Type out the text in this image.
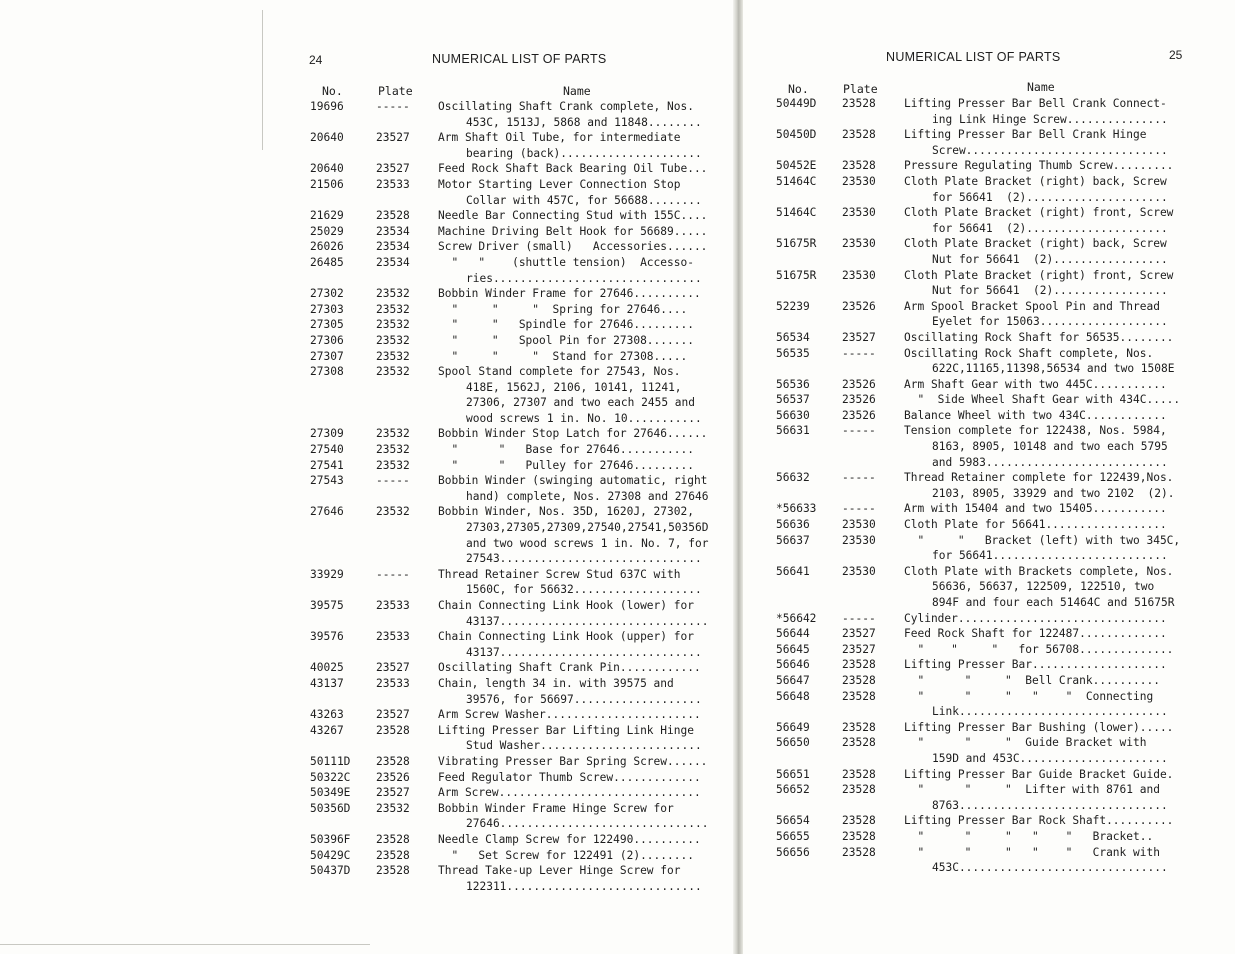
24	NUMERICAL LIST OF PARTS
No.	Plate	Name
19696	-----	Oscillating Shaft Crank complete, Nos.
453C, 1513J, 5868 and 11848........
20640	23527	Arm Shaft Oil Tube, for intermediate
bearing (back).....................
20640	23527	Feed Rock Shaft Back Bearing Oil Tube...
21506	23533	Motor Starting Lever Connection Stop
Collar with 457C, for 56688........
21629	23528	Needle Bar Connecting Stud with 155C....
25029	23534	Machine Driving Belt Hook for 56689.....
26026	23534	Screw Driver (small)   Accessories......
26485	23534	"   "    (shuttle tension)  Accesso-
ries...............................
27302	23532	Bobbin Winder Frame for 27646..........
27303	23532	"     "     "  Spring for 27646....
27305	23532	"     "   Spindle for 27646.........
27306	23532	"     "   Spool Pin for 27308.......
27307	23532	"     "     "  Stand for 27308.....
27308	23532	Spool Stand complete for 27543, Nos.
418E, 1562J, 2106, 10141, 11241,
27306, 27307 and two each 2455 and
wood screws 1 in. No. 10...........
27309	23532	Bobbin Winder Stop Latch for 27646......
27540	23532	"      "   Base for 27646...........
27541	23532	"      "   Pulley for 27646.........
27543	-----	Bobbin Winder (swinging automatic, right
hand) complete, Nos. 27308 and 27646
27646	23532	Bobbin Winder, Nos. 35D, 1620J, 27302,
27303,27305,27309,27540,27541,50356D
and two wood screws 1 in. No. 7, for
27543..............................
33929	-----	Thread Retainer Screw Stud 637C with
1560C, for 56632...................
39575	23533	Chain Connecting Link Hook (lower) for
43137...............................
39576	23533	Chain Connecting Link Hook (upper) for
43137..............................
40025	23527	Oscillating Shaft Crank Pin............
43137	23533	Chain, length 34 in. with 39575 and
39576, for 56697...................
43263	23527	Arm Screw Washer.......................
43267	23528	Lifting Presser Bar Lifting Link Hinge
Stud Washer........................
50111D	23528	Vibrating Presser Bar Spring Screw......
50322C	23526	Feed Regulator Thumb Screw.............
50349E	23527	Arm Screw..............................
50356D	23532	Bobbin Winder Frame Hinge Screw for
27646...............................
50396F	23528	Needle Clamp Screw for 122490..........
50429C	23528	"   Set Screw for 122491 (2)........
50437D	23528	Thread Take-up Lever Hinge Screw for
122311.............................
NUMERICAL LIST OF PARTS	25
No.	Plate	Name
50449D	23528	Lifting Presser Bar Bell Crank Connect-
ing Link Hinge Screw...............
50450D	23528	Lifting Presser Bar Bell Crank Hinge
Screw..............................
50452E	23528	Pressure Regulating Thumb Screw.........
51464C	23530	Cloth Plate Bracket (right) back, Screw
for 56641  (2).....................
51464C	23530	Cloth Plate Bracket (right) front, Screw
for 56641  (2).....................
51675R	23530	Cloth Plate Bracket (right) back, Screw
Nut for 56641  (2).................
51675R	23530	Cloth Plate Bracket (right) front, Screw
Nut for 56641  (2).................
52239	23526	Arm Spool Bracket Spool Pin and Thread
Eyelet for 15063...................
56534	23527	Oscillating Rock Shaft for 56535........
56535	-----	Oscillating Rock Shaft complete, Nos.
622C,11165,11398,56534 and two 1508E
56536	23526	Arm Shaft Gear with two 445C...........
56537	23526	"  Side Wheel Shaft Gear with 434C.....
56630	23526	Balance Wheel with two 434C............
56631	-----	Tension complete for 122438, Nos. 5984,
8163, 8905, 10148 and two each 5795
and 5983...........................
56632	-----	Thread Retainer complete for 122439,Nos.
2103, 8905, 33929 and two 2102  (2).
*56633	-----	Arm with 15404 and two 15405...........
56636	23530	Cloth Plate for 56641..................
56637	23530	"     "   Bracket (left) with two 345C,
for 56641..........................
56641	23530	Cloth Plate with Brackets complete, Nos.
56636, 56637, 122509, 122510, two
894F and four each 51464C and 51675R
*56642	-----	Cylinder...............................
56644	23527	Feed Rock Shaft for 122487.............
56645	23527	"    "     "   for 56708..............
56646	23528	Lifting Presser Bar....................
56647	23528	"      "     "  Bell Crank..........
56648	23528	"      "     "   "    "  Connecting
Link...............................
56649	23528	Lifting Presser Bar Bushing (lower).....
56650	23528	"      "     "  Guide Bracket with
159D and 453C......................
56651	23528	Lifting Presser Bar Guide Bracket Guide.
56652	23528	"      "     "  Lifter with 8761 and
8763...............................
56654	23528	Lifting Presser Bar Rock Shaft..........
56655	23528	"      "     "   "    "   Bracket..
56656	23528	"      "     "   "    "   Crank with
453C...............................
